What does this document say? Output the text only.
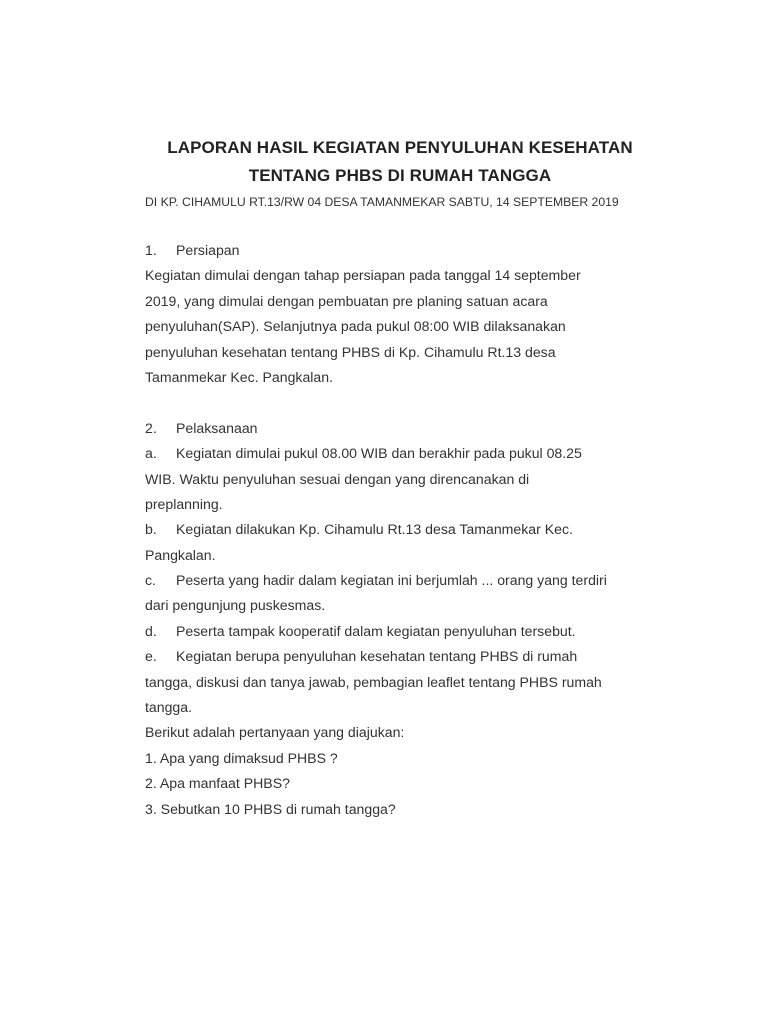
LAPORAN HASIL KEGIATAN PENYULUHAN KESEHATAN
TENTANG PHBS DI RUMAH TANGGA
DI KP. CIHAMULU RT.13/RW 04 DESA TAMANMEKAR SABTU, 14 SEPTEMBER 2019
1. Persiapan
Kegiatan dimulai dengan tahap persiapan pada tanggal 14 september
2019, yang dimulai dengan pembuatan pre planing satuan acara
penyuluhan(SAP). Selanjutnya pada pukul 08:00 WIB dilaksanakan
penyuluhan kesehatan tentang PHBS di Kp. Cihamulu Rt.13 desa
Tamanmekar Kec. Pangkalan.
2. Pelaksanaan
a. Kegiatan dimulai pukul 08.00 WIB dan berakhir pada pukul 08.25
WIB. Waktu penyuluhan sesuai dengan yang direncanakan di
preplanning.
b. Kegiatan dilakukan Kp. Cihamulu Rt.13 desa Tamanmekar Kec.
Pangkalan.
c. Peserta yang hadir dalam kegiatan ini berjumlah ... orang yang terdiri
dari pengunjung puskesmas.
d. Peserta tampak kooperatif dalam kegiatan penyuluhan tersebut.
e. Kegiatan berupa penyuluhan kesehatan tentang PHBS di rumah
tangga, diskusi dan tanya jawab, pembagian leaflet tentang PHBS rumah
tangga.
Berikut adalah pertanyaan yang diajukan:
1. Apa yang dimaksud PHBS ?
2. Apa manfaat PHBS?
3. Sebutkan 10 PHBS di rumah tangga?
